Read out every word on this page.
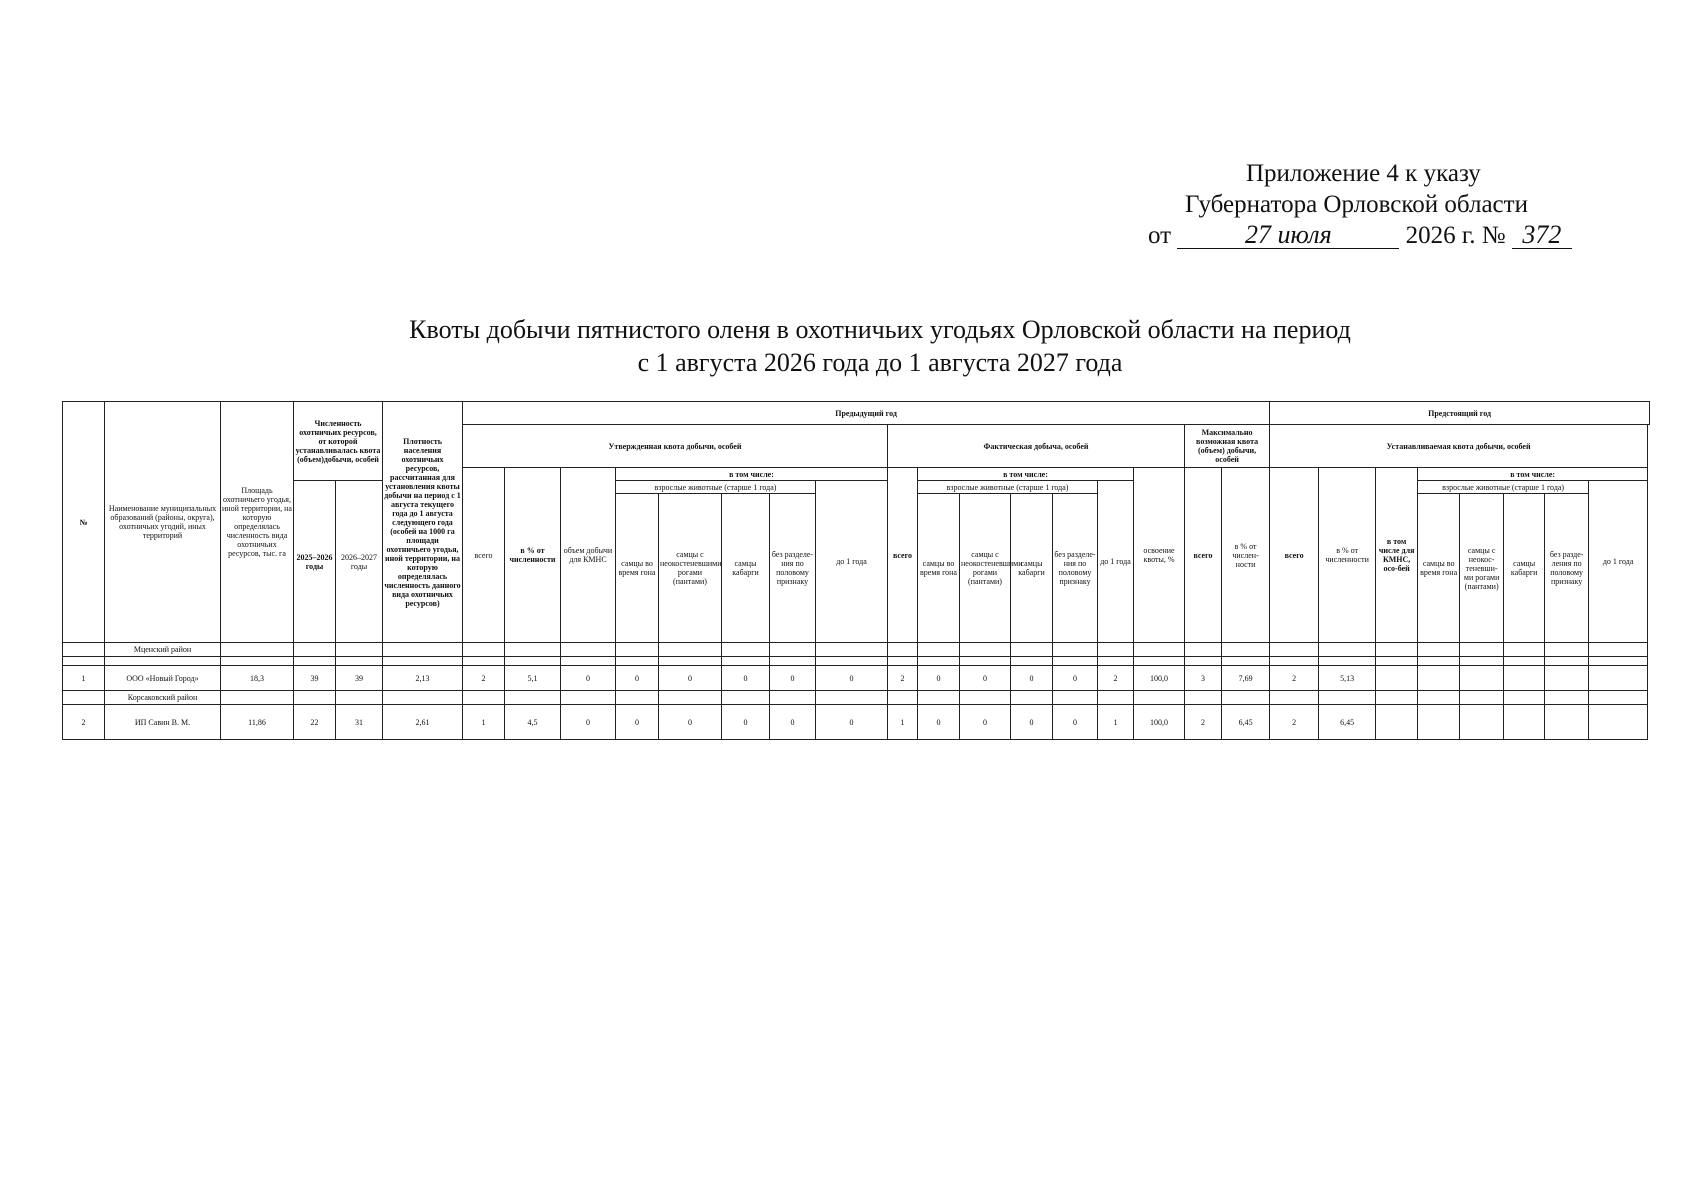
Приложение 4 к указу
Губернатора Орловской области
от	27 июля	2026 г. № 372
Квоты добычи пятнистого оленя в охотничьих угодьях Орловской области на период
с 1 августа 2026 года до 1 августа 2027 года
№	Наименование муниципальных образований (районы, округа), охотничьих угодий, иных территорий	Площадь охотничьего угодья, иной территории, на которую определялась численность вида охотничьих ресурсов, тыс. га	Численность охотничьих ресурсов, от которой устанавливалась квота (объем)добычи, особей		Плотность населения охотничьих ресурсов, рассчитанная для установления квоты добычи на период с 1 августа текущего года до 1 августа следующего года (особей на 1000 га площади охотничьего угодья, иной территории, на которую определялась численность данного вида охотничьих ресурсов)	Предыдущий год																	Предстоящий год							
						Утвержденная квота добычи, особей								Фактическая добыча, особей							Максимально возможная квота (объем) добычи, особей		Устанавливаемая квота добычи, особей							
						всего	в % от численности	объем добычи для КМНС	в том числе:					всего	в том числе:					освоение квоты, %	всего	в % от числен-ности	всего	в % от численности	в том числе для КМНС, осо-бей	в том числе:				
			2025–2026 годы	2026–2027 годы					взрослые животные (старше 1 года)				до 1 года		взрослые животные (старше 1 года)				до 1 года							взрослые животные (старше 1 года)				до 1 года
									самцы во время гона	самцы с неокостеневшими рогами (пантами)	самцы кабарги	без разделе-ния по половому признаку			самцы во время гона	самцы с неокостеневшими рогами (пантами)	самцы кабарги	без разделе-ния по половому признаку								самцы во время гона	самцы с неокос-теневши-ми рогами (пантами)	самцы кабарги	без разде-ления по половому признаку	
	Мценский район																													

1	ООО «Новый Город»	18,3	39	39	2,13	2	5,1	0	0	0	0	0	0	2	0	0	0	0	2	100,0	3	7,69	2	5,13						
	Корсаковский район																													
2	ИП Савин В. М.	11,86	22	31	2,61	1	4,5	0	0	0	0	0	0	1	0	0	0	0	1	100,0	2	6,45	2	6,45						
